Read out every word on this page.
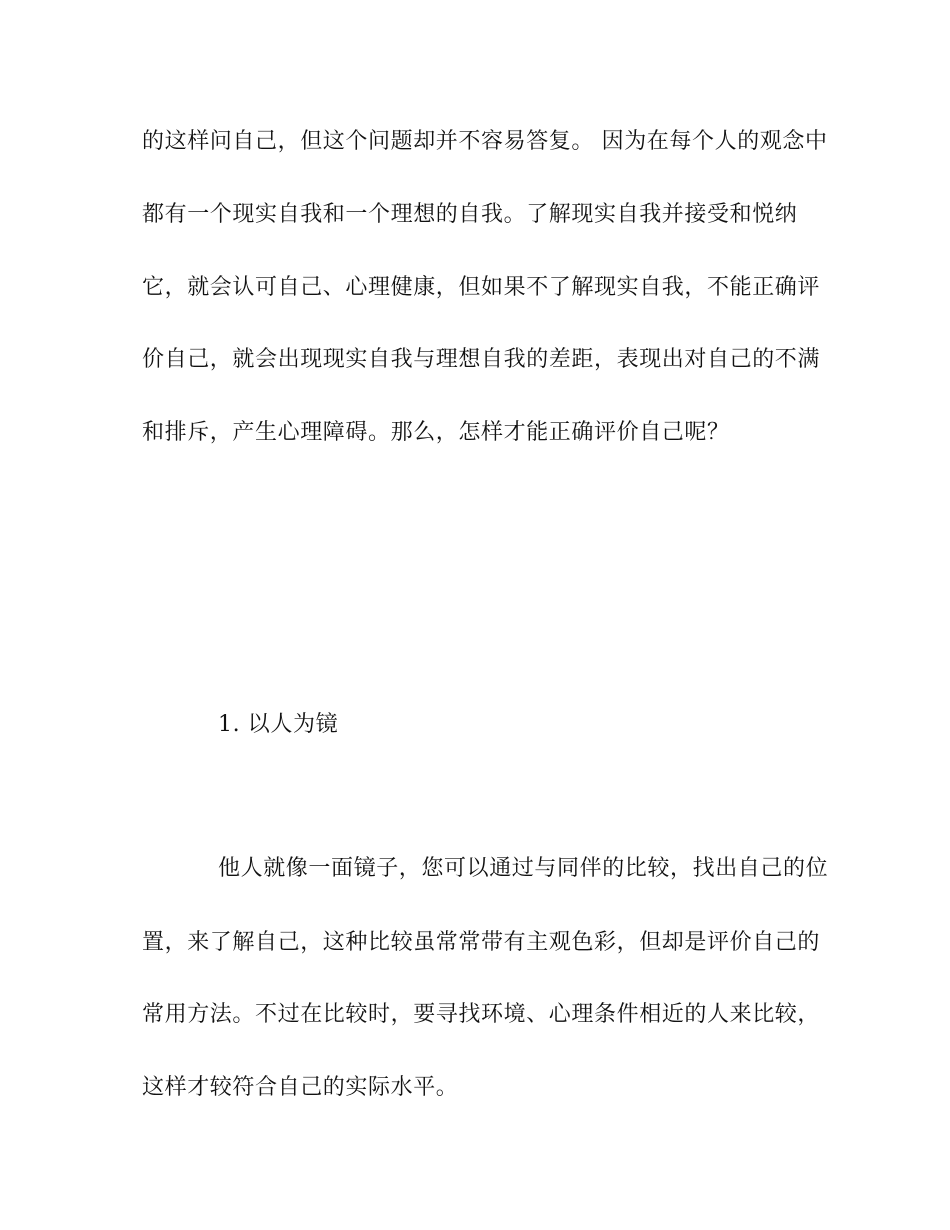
的这样问自己，但这个问题却并不容易答复。 因为在每个人的观念中

都有一个现实自我和一个理想的自我。了解现实自我并接受和悦纳

它，就会认可自己、心理健康，但如果不了解现实自我，不能正确评

价自己，就会出现现实自我与理想自我的差距，表现出对自己的不满

和排斥，产生心理障碍。那么，怎样才能正确评价自己呢？

1. 以人为镜

他人就像一面镜子，您可以通过与同伴的比较，找出自己的位

置，来了解自己，这种比较虽常常带有主观色彩，但却是评价自己的

常用方法。不过在比较时，要寻找环境、心理条件相近的人来比较，

这样才较符合自己的实际水平。
